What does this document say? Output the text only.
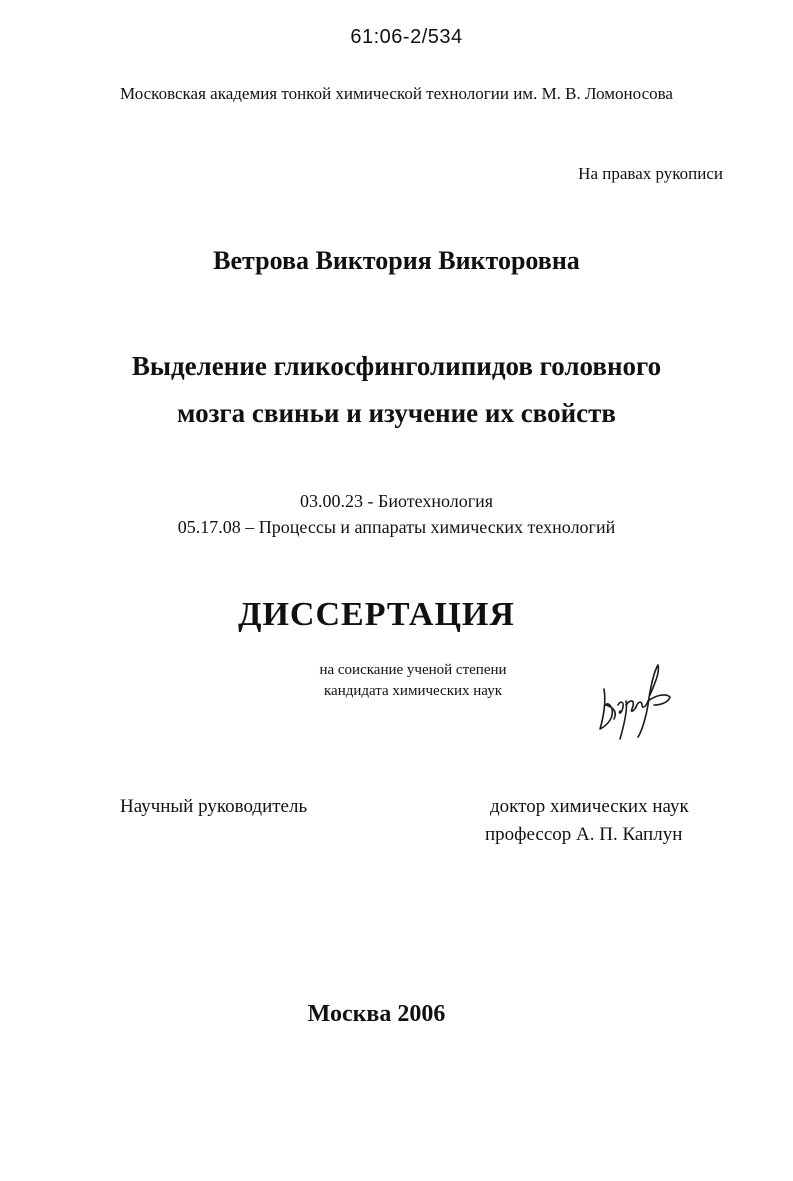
61:06-2/534
Московская академия тонкой химической технологии им. М. В. Ломоносова
На правах рукописи
Ветрова Виктория Викторовна
Выделение гликосфинголипидов головного
мозга свиньи и изучение их свойств
03.00.23 - Биотехнология
05.17.08 – Процессы и аппараты химических технологий
ДИССЕРТАЦИЯ
на соискание ученой степени
кандидата химических наук
Научный руководитель	доктор химических наук
профессор А. П. Каплун
Москва 2006
